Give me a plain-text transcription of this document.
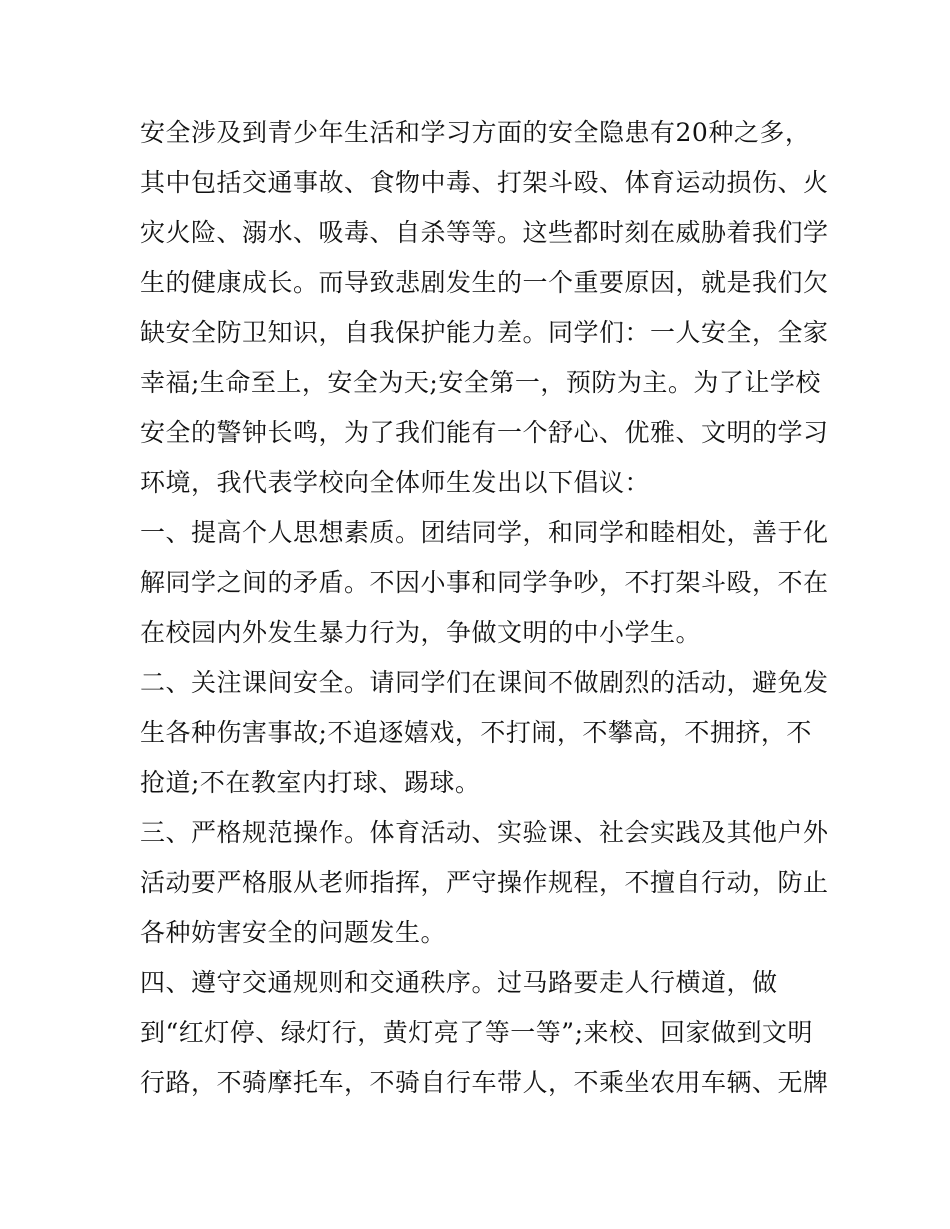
安全涉及到青少年生活和学习方面的安全隐患有20种之多，
其中包括交通事故、食物中毒、打架斗殴、体育运动损伤、火
灾火险、溺水、吸毒、自杀等等。这些都时刻在威胁着我们学
生的健康成长。而导致悲剧发生的一个重要原因，就是我们欠
缺安全防卫知识，自我保护能力差。同学们：一人安全，全家
幸福;生命至上，安全为天;安全第一，预防为主。为了让学校
安全的警钟长鸣，为了我们能有一个舒心、优雅、文明的学习
环境，我代表学校向全体师生发出以下倡议：
一、提高个人思想素质。团结同学，和同学和睦相处，善于化
解同学之间的矛盾。不因小事和同学争吵，不打架斗殴，不在
在校园内外发生暴力行为，争做文明的中小学生。
二、关注课间安全。请同学们在课间不做剧烈的活动，避免发
生各种伤害事故;不追逐嬉戏，不打闹，不攀高，不拥挤，不
抢道;不在教室内打球、踢球。
三、严格规范操作。体育活动、实验课、社会实践及其他户外
活动要严格服从老师指挥，严守操作规程，不擅自行动，防止
各种妨害安全的问题发生。
四、遵守交通规则和交通秩序。过马路要走人行横道，做
到“红灯停、绿灯行，黄灯亮了等一等”;来校、回家做到文明
行路，不骑摩托车，不骑自行车带人，不乘坐农用车辆、无牌
